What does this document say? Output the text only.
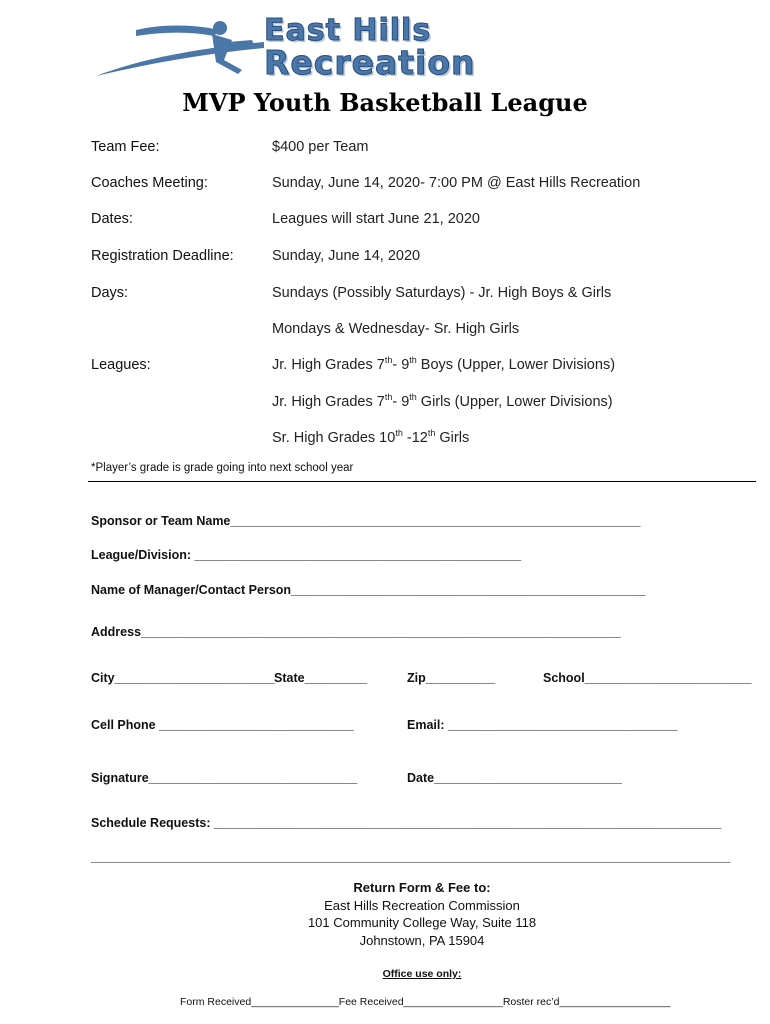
East Hills
Recreation
MVP Youth Basketball League
Team Fee:	$400 per Team
Coaches Meeting:	Sunday, June 14, 2020- 7:00 PM @ East Hills Recreation
Dates:	Leagues will start June 21, 2020
Registration Deadline:	Sunday, June 14, 2020
Days:	Sundays (Possibly Saturdays) - Jr. High Boys & Girls
Mondays & Wednesday- Sr. High Girls
Leagues:	Jr. High Grades 7th- 9th Boys (Upper, Lower Divisions)
Jr. High Grades 7th- 9th Girls (Upper, Lower Divisions)
Sr. High Grades 10th -12th Girls
*Player’s grade is grade going into next school year
Sponsor or Team Name___________________________________________________________
League/Division: _______________________________________________
Name of Manager/Contact Person___________________________________________________
Address_____________________________________________________________________
City_______________________ State_________	Zip__________	School________________________
Cell Phone ____________________________	Email: _________________________________
Signature______________________________	Date___________________________
Schedule Requests: _________________________________________________________________________
____________________________________________________________________________________________
Return Form & Fee to:
East Hills Recreation Commission
101 Community College Way, Suite 118
Johnstown, PA 15904
Office use only:
Form Received_______________Fee Received_________________Roster rec’d___________________
